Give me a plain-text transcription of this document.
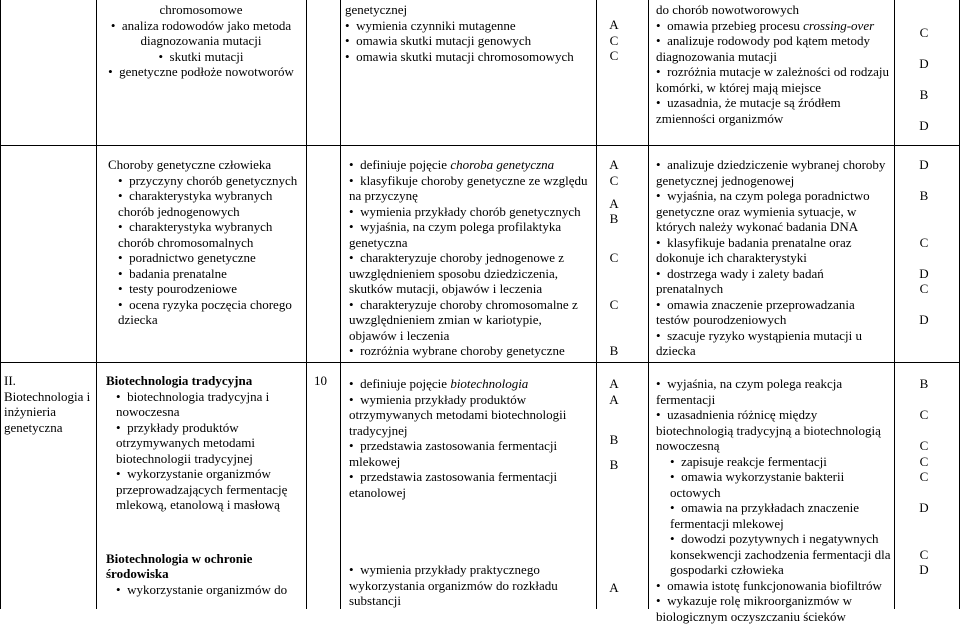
chromosomowe
•  analiza rodowodów jako metoda diagnozowania mutacji
•  skutki mutacji
•  genetyczne podłoże nowotworów
genetycznej
•  wymienia czynniki mutagenne
•  omawia skutki mutacji genowych
•  omawia skutki mutacji chromosomowych
A
C
C
do chorób nowotworowych
•  omawia przebieg procesu crossing-over
•  analizuje rodowody pod kątem metody diagnozowania mutacji
•  rozróżnia mutacje w zależności od rodzaju komórki, w której mają miejsce
•  uzasadnia, że mutacje są źródłem zmienności organizmów
C
D
B
D
Choroby genetyczne człowieka
•  przyczyny chorób genetycznych
•  charakterystyka wybranych chorób jednogenowych
•  charakterystyka wybranych chorób chromosomalnych
•  poradnictwo genetyczne
•  badania prenatalne
•  testy pourodzeniowe
•  ocena ryzyka poczęcia chorego dziecka
•  definiuje pojęcie choroba genetyczna
•  klasyfikuje choroby genetyczne ze względu na przyczynę
•  wymienia przykłady chorób genetycznych
•  wyjaśnia, na czym polega profilaktyka genetyczna
•  charakteryzuje choroby jednogenowe z uwzględnieniem sposobu dziedziczenia, skutków mutacji, objawów i leczenia
•  charakteryzuje choroby chromosomalne z uwzględnieniem zmian w kariotypie, objawów i leczenia
•  rozróżnia wybrane choroby genetyczne
A
C
A
B
C
C
B
•  analizuje dziedziczenie wybranej choroby genetycznej jednogenowej
•  wyjaśnia, na czym polega poradnictwo genetyczne oraz wymienia sytuacje, w których należy wykonać badania DNA
•  klasyfikuje badania prenatalne oraz dokonuje ich charakterystyki
•  dostrzega wady i zalety badań prenatalnych
•  omawia znaczenie przeprowadzania testów pourodzeniowych
•  szacuje ryzyko wystąpienia mutacji u dziecka
D
B
C
D
C
D
II.
Biotechnologia i inżynieria genetyczna
Biotechnologia tradycyjna
•  biotechnologia tradycyjna i nowoczesna
•  przykłady produktów otrzymywanych metodami biotechnologii tradycyjnej
•  wykorzystanie organizmów przeprowadzających fermentację mlekową, etanolową i masłową
Biotechnologia w ochronie środowiska
•  wykorzystanie organizmów do
10
•	definiuje pojęcie biotechnologia
•  wymienia przykłady produktów otrzymywanych metodami biotechnologii tradycyjnej
•  przedstawia zastosowania fermentacji mlekowej
•  przedstawia zastosowania fermentacji etanolowej
•  wymienia przykłady praktycznego wykorzystania organizmów do rozkładu substancji
A
A
B
B
A
•  wyjaśnia, na czym polega reakcja fermentacji
•  uzasadnienia różnicę między biotechnologią tradycyjną a biotechnologią nowoczesną
•  zapisuje reakcje fermentacji
•  omawia wykorzystanie bakterii octowych
•  omawia na przykładach znaczenie fermentacji mlekowej
•  dowodzi pozytywnych i negatywnych konsekwencji zachodzenia fermentacji dla gospodarki człowieka
•  omawia istotę funkcjonowania biofiltrów
•  wykazuje rolę mikroorganizmów w biologicznym oczyszczaniu ścieków
B
C
C
C
C
D
C
D
